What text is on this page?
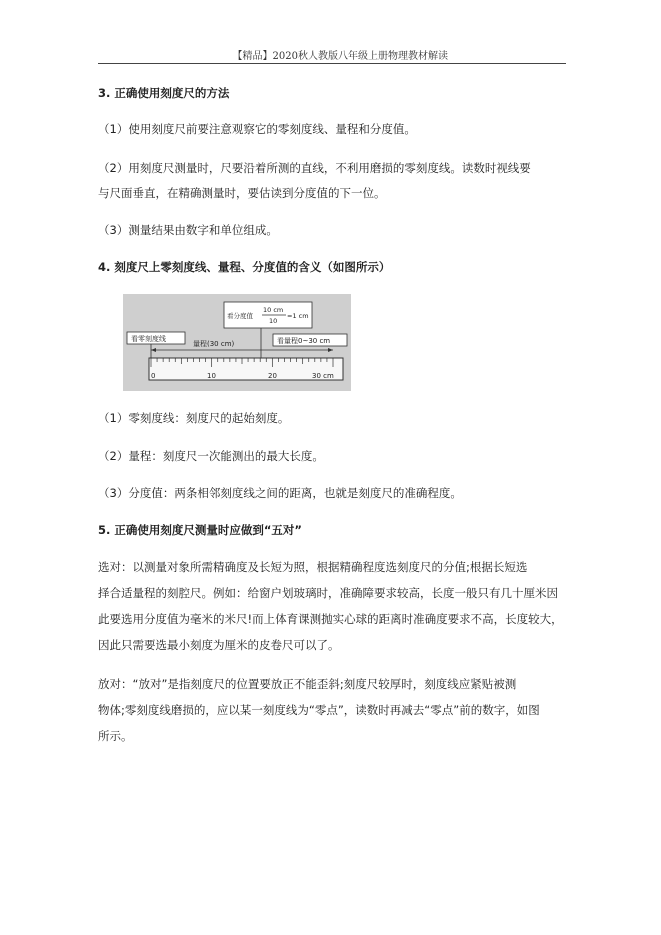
【精品】2020秋人教版八年级上册物理教材解读

3. 正确使用刻度尺的方法

（1）使用刻度尺前要注意观察它的零刻度线、量程和分度值。

（2）用刻度尺测量时，尺要沿着所测的直线，不利用磨损的零刻度线。读数时视线要

与尺面垂直，在精确测量时，要估读到分度值的下一位。

（3）测量结果由数字和单位组成。

4. 刻度尺上零刻度线、量程、分度值的含义（如图所示）

0	10	20	30 cm
看零刻度线
看分度值
10 cm
10
=1 cm
量程(30 cm)	看量程0~30 cm

（1）零刻度线：刻度尺的起始刻度。

（2）量程：刻度尺一次能测出的最大长度。

（3）分度值：两条相邻刻度线之间的距离，也就是刻度尺的准确程度。

5. 正确使用刻度尺测量时应做到“五对”

选对：以测量对象所需精确度及长短为照，根据精确程度选刻度尺的分值;根据长短选

择合适量程的刻腔尺。例如：给窗户划玻璃时，准确障要求较高，长度一般只有几十厘米因

此要选用分度值为毫米的米尺!而上体育课测抛实心球的距离时准确度要求不高，长度较大，

因此只需要选最小刻度为厘米的皮卷尺可以了。

放对：“放对”是指刻度尺的位置要放正不能歪斜;刻度尺较厚时，刻度线应紧贴被测

物体;零刻度线磨损的，应以某一刻度线为“零点”，读数时再减去“零点”前的数字，如图

所示。
